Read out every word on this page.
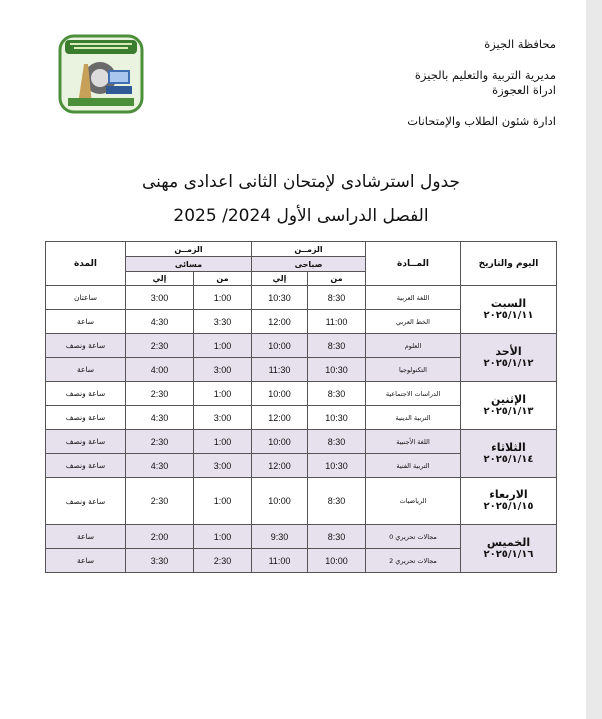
محافظة الجيزة
مديرية التربية والتعليم بالجيزة
ادراة العجوزة
ادارة شئون الطلاب والإمتحانات
جدول استرشادى لإمتحان الثانى اعدادى مهنى
الفصل الدراسى الأول 2024/ 2025
اليوم والتاريخ	المــادة	الزمــن		الزمــن		المدة
		صباحى		مسائى		
		من	إلي	من	إلي	

السبت
٢٠٢٥/١/١١	اللغة العربية	8:30	10:30	1:00	3:00	ساعتان
	الخط العربي	11:00	12:00	3:30	4:30	ساعة

الأحد
٢٠٢٥/١/١٢	العلوم	8:30	10:00	1:00	2:30	ساعة ونصف
	التكنولوجيا	10:30	11:30	3:00	4:00	ساعة

الإثنين
٢٠٢٥/١/١٣	الدراسات الاجتماعية	8:30	10:00	1:00	2:30	ساعة ونصف
	التربية الدينية	10:30	12:00	3:00	4:30	ساعة ونصف

الثلاثاء
٢٠٢٥/١/١٤	اللغة الأجنبية	8:30	10:00	1:00	2:30	ساعة ونصف
	التربية الفنية	10:30	12:00	3:00	4:30	ساعة ونصف

الاربعاء
٢٠٢٥/١/١٥	الرياضيات	8:30	10:00	1:00	2:30	ساعة ونصف

الخميس
٢٠٢٥/١/١٦	مجالات تحريري 0	8:30	9:30	1:00	2:00	ساعة
	مجالات تحريري 2	10:00	11:00	2:30	3:30	ساعة
